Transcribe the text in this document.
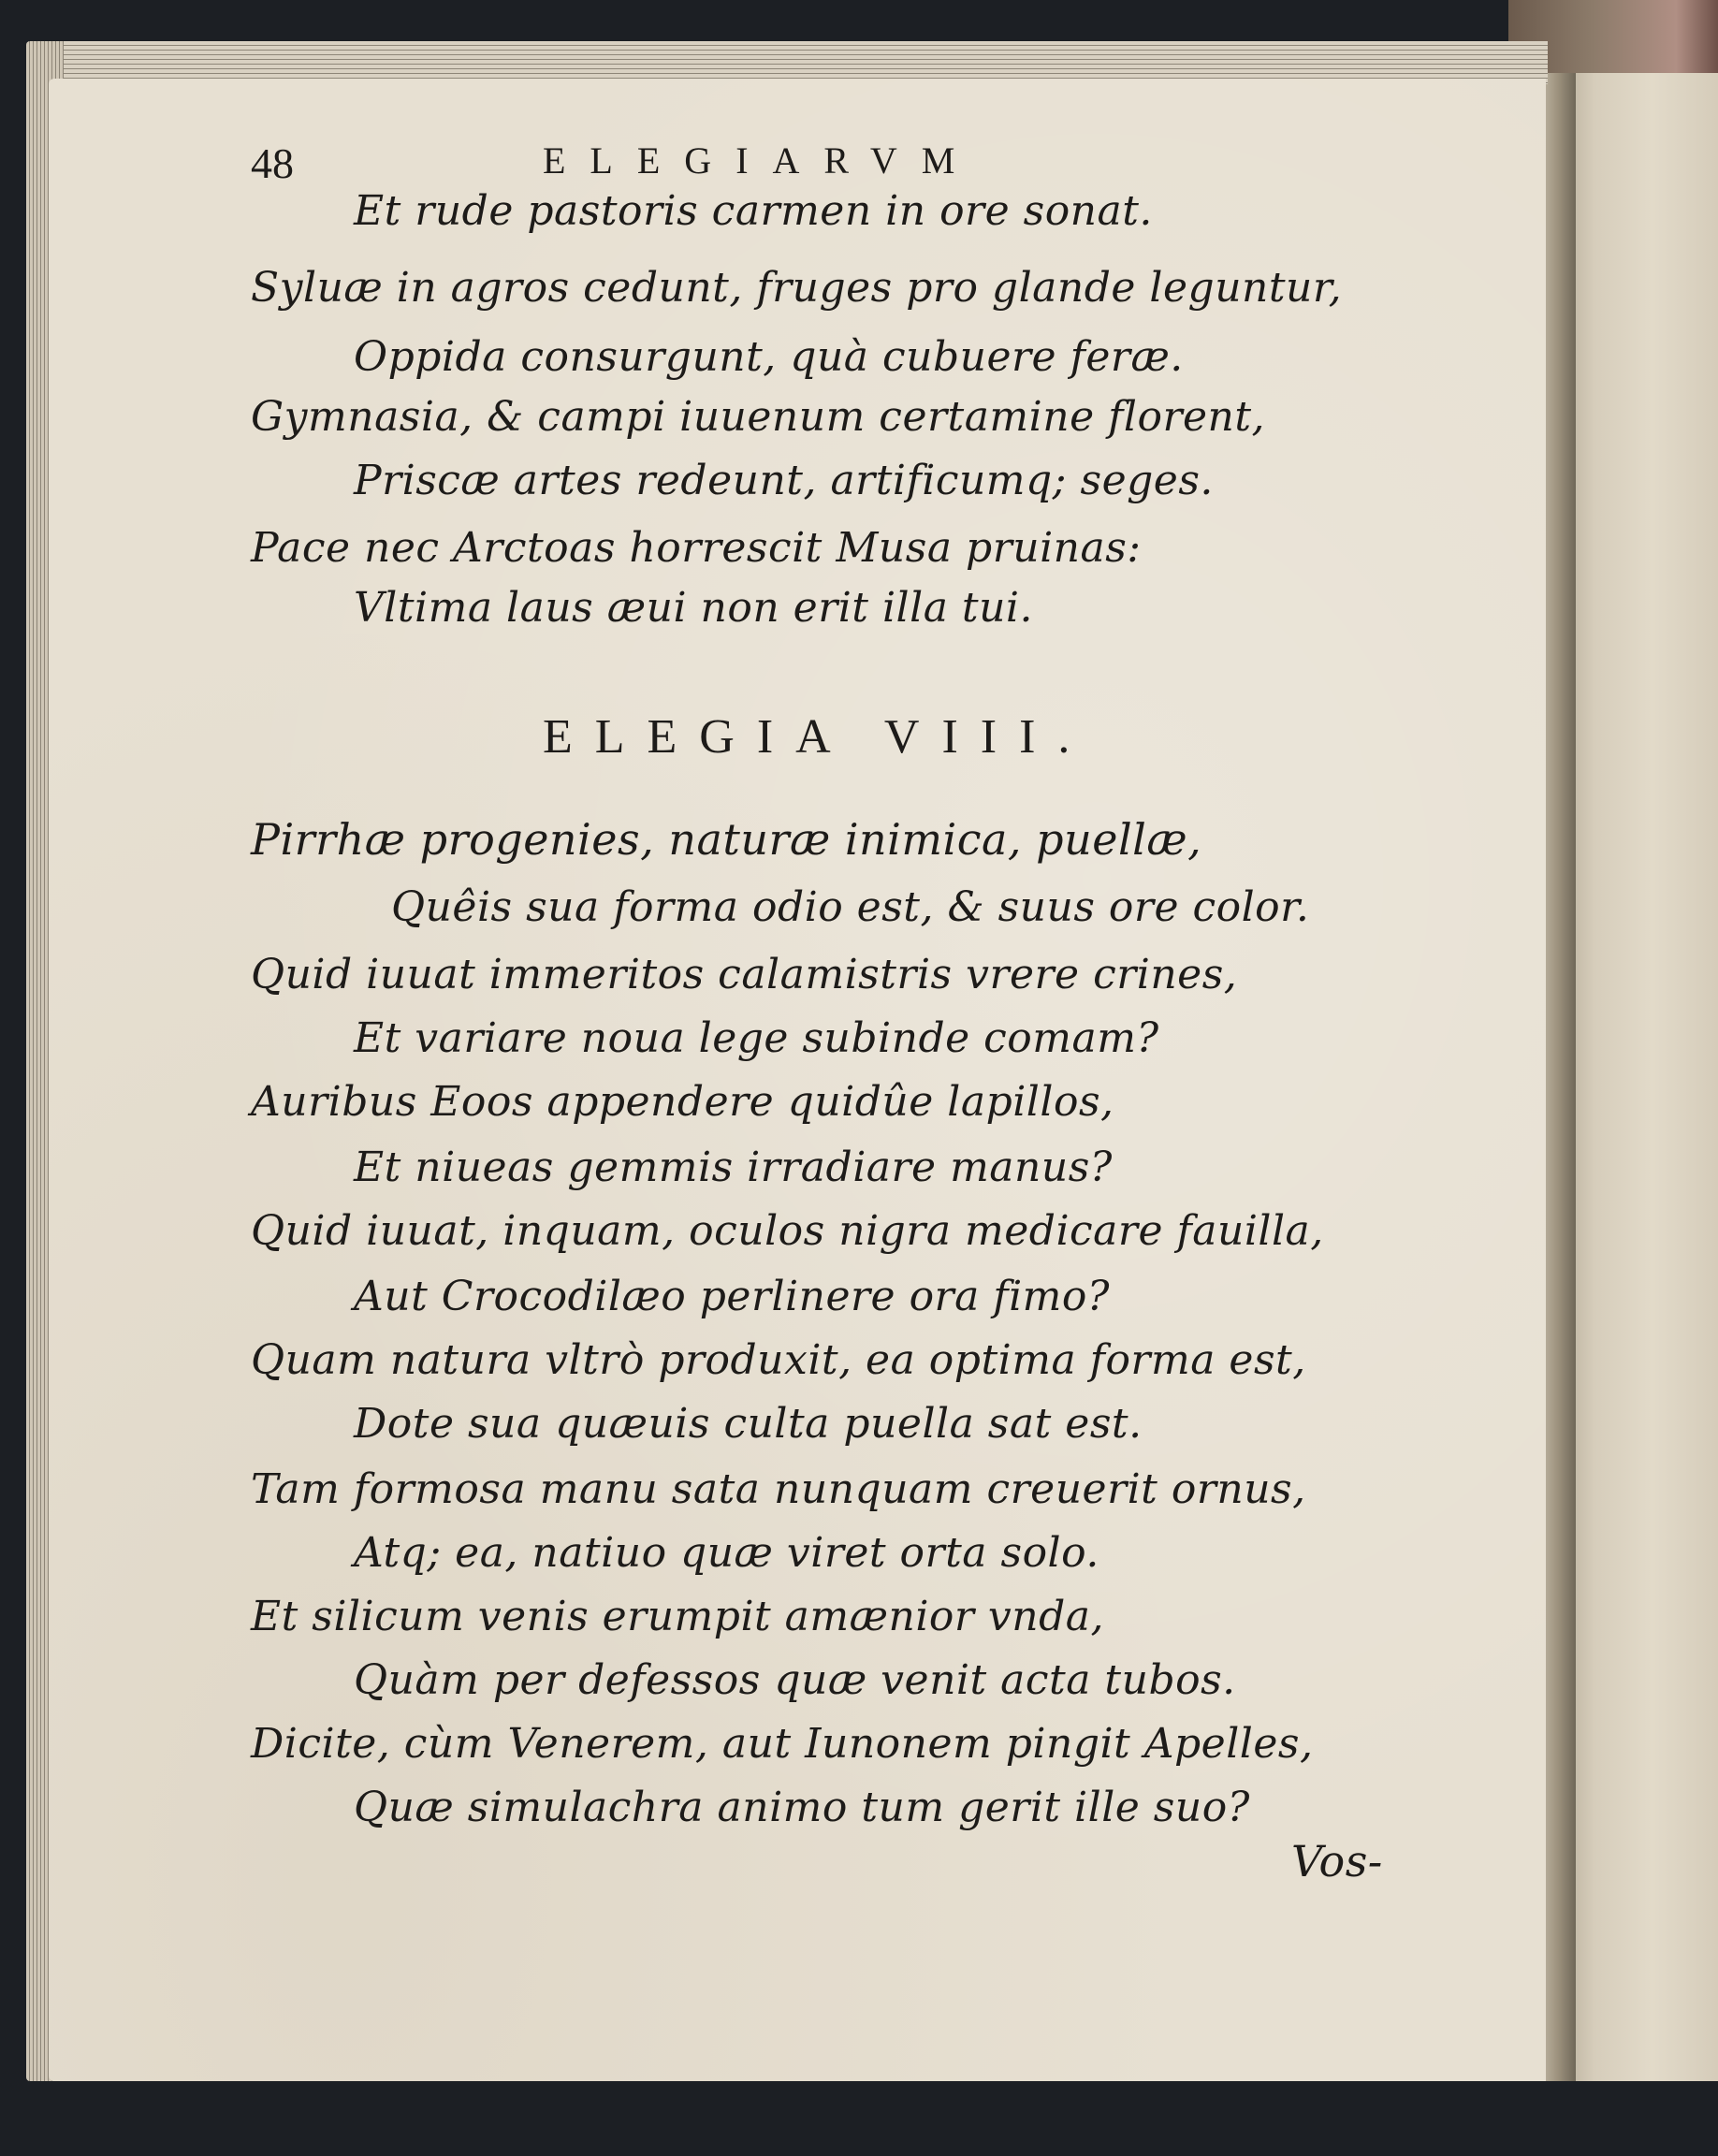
48	ELEGIARVM
Et rude pastoris carmen in ore sonat.
Syluæ in agros cedunt, fruges pro glande leguntur,
Oppida consurgunt, quà cubuere feræ.
Gymnasia, & campi iuuenum certamine florent,
Priscæ artes redeunt, artificumq; seges.
Pace nec Arctoas horrescit Musa pruinas:
Vltima laus æui non erit illa tui.
ELEGIA VIII.
Pirrhæ progenies, naturæ inimica, puellæ,
Quêis sua forma odio est, & suus ore color.
Quid iuuat immeritos calamistris vrere crines,
Et variare noua lege subinde comam?
Auribus Eoos appendere quidûe lapillos,
Et niueas gemmis irradiare manus?
Quid iuuat, inquam, oculos nigra medicare fauilla,
Aut Crocodilæo perlinere ora fimo?
Quam natura vltrò produxit, ea optima forma est,
Dote sua quæuis culta puella sat est.
Tam formosa manu sata nunquam creuerit ornus,
Atq; ea, natiuo quæ viret orta solo.
Et silicum venis erumpit amænior vnda,
Quàm per defessos quæ venit acta tubos.
Dicite, cùm Venerem, aut Iunonem pingit Apelles,
Quæ simulachra animo tum gerit ille suo?
Vos-
